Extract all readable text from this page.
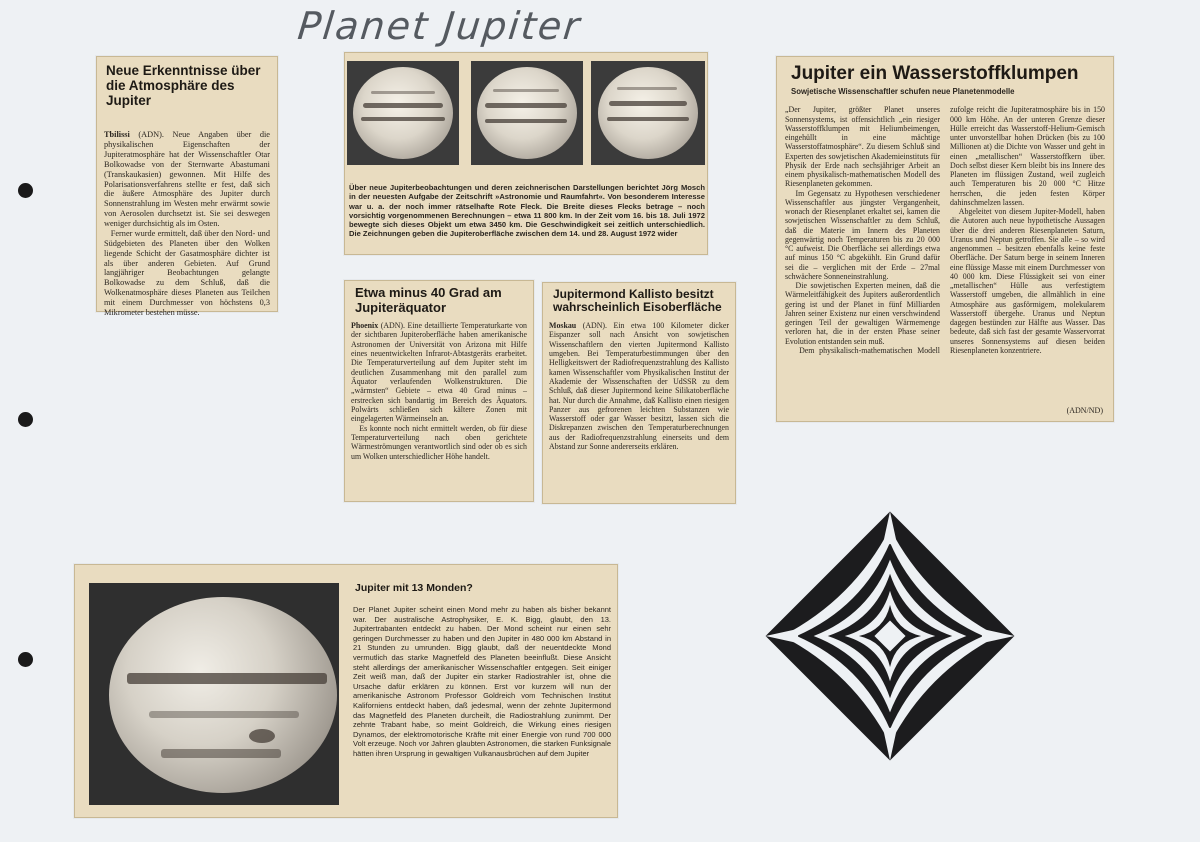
Planet Jupiter
Neue Erkenntnisse über die Atmosphäre des Jupiter
Tbilissi (ADN). Neue Angaben über die physikalischen Eigenschaften der Jupiteratmosphäre hat der Wissenschaftler Otar Bolkowadse von der Sternwarte Abastumani (Transkaukasien) gewonnen. Mit Hilfe des Polarisationsverfahrens stellte er fest, daß sich die äußere Atmosphäre des Jupiter durch Sonnenstrahlung im Westen mehr erwärmt sowie von Aerosolen durchsetzt ist. Sie sei deswegen weniger durchsichtig als im Osten.
Ferner wurde ermittelt, daß über den Nord- und Südgebieten des Planeten über den Wolken liegende Schicht der Gasatmosphäre dichter ist als über anderen Gebieten. Auf Grund langjähriger Beobachtungen gelangte Bolkowadse zu dem Schluß, daß die Wolkenatmosphäre dieses Planeten aus Teilchen mit einem Durchmesser von höchstens 0,3 Mikrometer bestehen müsse.
Über neue Jupiterbeobachtungen und deren zeichnerischen Darstellungen berichtet Jörg Mosch in der neuesten Aufgabe der Zeitschrift »Astronomie und Raumfahrt«. Von besonderem Interesse war u. a. der noch immer rätselhafte Rote Fleck. Die Breite dieses Flecks betrage – noch vorsichtig vorgenommenen Berechnungen – etwa 11 800 km. In der Zeit vom 16. bis 18. Juli 1972 bewegte sich dieses Objekt um etwa 3450 km. Die Geschwindigkeit sei zeitlich unterschiedlich. Die Zeichnungen geben die Jupiteroberfläche zwischen dem 14. und 28. August 1972 wider
Jupiter ein Wasserstoffklumpen
Sowjetische Wissenschaftler schufen neue Planetenmodelle
„Der Jupiter, größter Planet unseres Sonnensystems, ist offensichtlich „ein riesiger Wasserstoffklumpen mit Heliumbeimengen, eingehüllt in eine mächtige Wasserstoffatmosphäre“. Zu diesem Schluß sind Experten des sowjetischen Akademieinstituts für Physik der Erde nach sechsjähriger Arbeit an einem physikalisch-mathematischen Modell des Riesenplaneten gekommen.
Im Gegensatz zu Hypothesen verschiedener Wissenschaftler aus jüngster Vergangenheit, wonach der Riesenplanet erkaltet sei, kamen die sowjetischen Wissenschaftler zu dem Schluß, daß die Materie im Innern des Planeten gegenwärtig noch Temperaturen bis zu 20 000 °C aufweist. Die Oberfläche sei allerdings etwa auf minus 150 °C abgekühlt. Ein Grund dafür sei die – verglichen mit der Erde – 27mal schwächere Sonneneinstrahlung.
Die sowjetischen Experten meinen, daß die Wärmeleitfähigkeit des Jupiters außerordentlich gering ist und der Planet in fünf Milliarden Jahren seiner Existenz nur einen verschwindend geringen Teil der gewaltigen Wärmemenge verloren hat, die in der ersten Phase seiner Evolution entstanden sein muß.
Dem physikalisch-mathematischen Modell zufolge reicht die Jupiteratmosphäre bis in 150 000 km Höhe. An der unteren Grenze dieser Hülle erreicht das Wasserstoff-Helium-Gemisch unter unvorstellbar hohen Drücken (bis zu 100 Millionen at) die Dichte von Wasser und geht in einen „metallischen“ Wasserstoffkern über. Doch selbst dieser Kern bleibt bis ins Innere des Planeten im flüssigen Zustand, weil zugleich auch Temperaturen bis 20 000 °C Hitze herrschen, die jeden festen Körper dahinschmelzen lassen.
Abgeleitet von diesem Jupiter-Modell, haben die Autoren auch neue hypothetische Aussagen über die drei anderen Riesenplaneten Saturn, Uranus und Neptun getroffen. Sie alle – so wird angenommen – besitzen ebenfalls keine feste Oberfläche. Der Saturn berge in seinem Inneren eine flüssige Masse mit einem Durchmesser von 40 000 km. Diese Flüssigkeit sei von einer „metallischen“ Hülle aus verfestigtem Wasserstoff umgeben, die allmählich in eine Atmosphäre aus gasförmigem, molekularem Wasserstoff übergehe. Uranus und Neptun dagegen bestünden zur Hälfte aus Wasser. Das bedeute, daß sich fast der gesamte Wasservorrat unseres Sonnensystems auf diesen beiden Riesenplaneten konzentriere.
(ADN/ND)
Etwa minus 40 Grad am Jupiteräquator
Phoenix (ADN). Eine detaillierte Temperaturkarte von der sichtbaren Jupiteroberfläche haben amerikanische Astronomen der Universität von Arizona mit Hilfe eines neuentwickelten Infrarot-Abtastgeräts erarbeitet. Die Temperaturverteilung auf dem Jupiter steht im deutlichen Zusammenhang mit den parallel zum Äquator verlaufenden Wolkenstrukturen. Die „wärmsten“ Gebiete – etwa 40 Grad minus – erstrecken sich bandartig im Bereich des Äquators. Polwärts schließen sich kältere Zonen mit eingelagerten Wärmeinseln an.
Es konnte noch nicht ermittelt werden, ob für diese Temperaturverteilung nach oben gerichtete Wärmeströmungen verantwortlich sind oder ob es sich um Wolken unterschiedlicher Höhe handelt.
Jupitermond Kallisto besitzt wahrscheinlich Eisoberfläche
Moskau (ADN). Ein etwa 100 Kilometer dicker Eispanzer soll nach Ansicht von sowjetischen Wissenschaftlern den vierten Jupitermond Kallisto umgeben. Bei Temperaturbestimmungen über den Helligkeitswert der Radiofrequenzstrahlung des Kallisto kamen Wissenschaftler vom Physikalischen Institut der Akademie der Wissenschaften der UdSSR zu dem Schluß, daß dieser Jupitermond keine Silikatoberfläche hat. Nur durch die Annahme, daß Kallisto einen riesigen Panzer aus gefrorenen leichten Substanzen wie Wasserstoff oder gar Wasser besitzt, lassen sich die Diskrepanzen zwischen den Temperaturberechnungen aus der Radiofrequenzstrahlung einerseits und dem Abstand zur Sonne andererseits erklären.
Jupiter mit 13 Monden?
Der Planet Jupiter scheint einen Mond mehr zu haben als bisher bekannt war. Der australische Astrophysiker, E. K. Bigg, glaubt, den 13. Jupitertrabanten entdeckt zu haben. Der Mond scheint nur einen sehr geringen Durchmesser zu haben und den Jupiter in 480 000 km Abstand in 21 Stunden zu umrunden. Bigg glaubt, daß der neuentdeckte Mond vermutlich das starke Magnetfeld des Planeten beeinflußt. Diese Ansicht steht allerdings der amerikanischer Wissenschaftler entgegen. Seit einiger Zeit weiß man, daß der Jupiter ein starker Radiostrahler ist, ohne die Ursache dafür erklären zu können. Erst vor kurzem will nun der amerikanische Astronom Professor Goldreich vom Technischen Institut Kaliforniens entdeckt haben, daß jedesmal, wenn der zehnte Jupitermond das Magnetfeld des Planeten durcheilt, die Radiostrahlung zunimmt. Der zehnte Trabant habe, so meint Goldreich, die Wirkung eines riesigen Dynamos, der elektromotorische Kräfte mit einer Energie von rund 700 000 Volt erzeuge. Noch vor Jahren glaubten Astronomen, die starken Funksignale hätten ihren Ursprung in gewaltigen Vulkanausbrüchen auf dem Jupiter
